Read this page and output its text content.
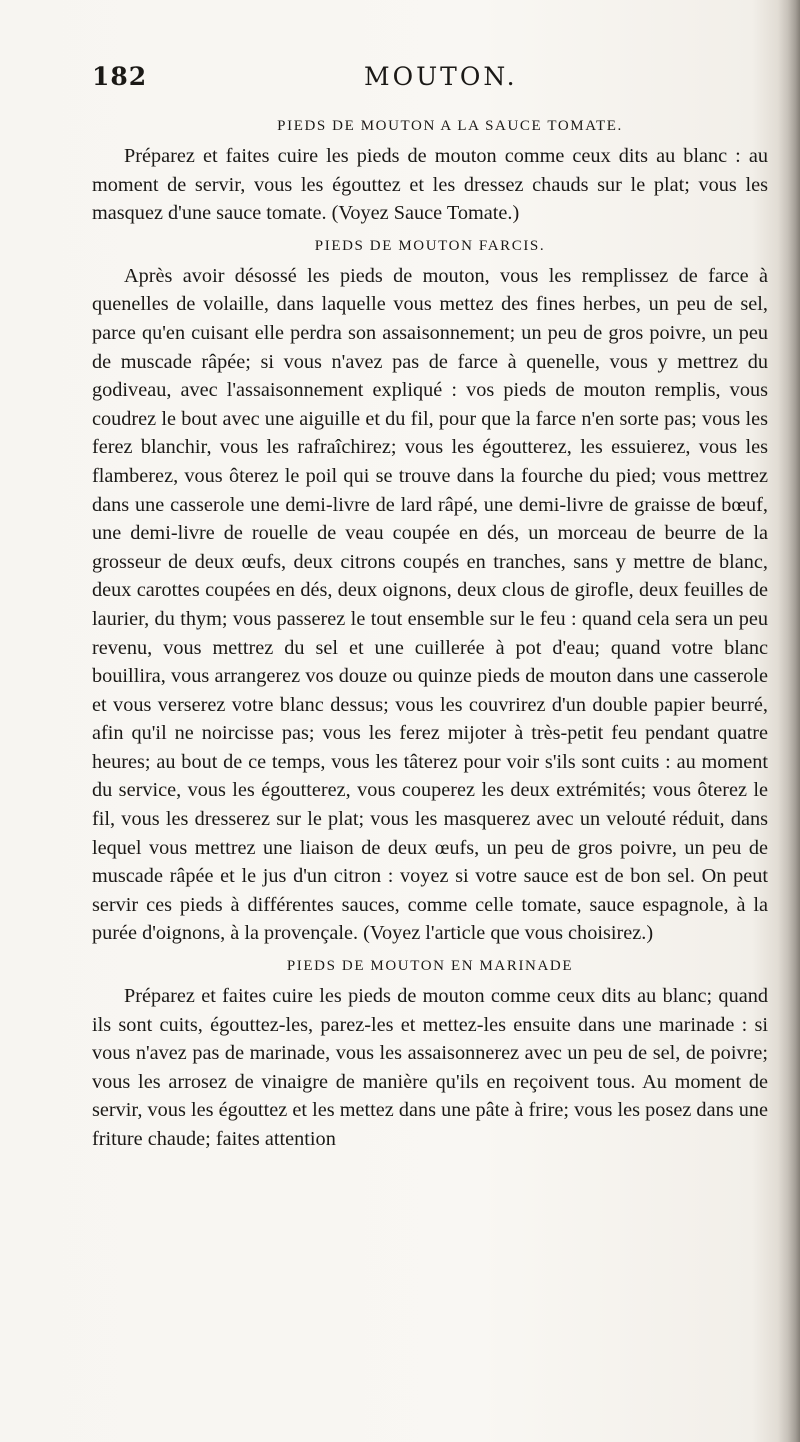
182	MOUTON.
PIEDS DE MOUTON A LA SAUCE TOMATE.

Préparez et faites cuire les pieds de mouton comme ceux dits au blanc : au moment de servir, vous les égouttez et les dressez chauds sur le plat; vous les masquez d'une sauce tomate. (Voyez Sauce Tomate.)

PIEDS DE MOUTON FARCIS.

Après avoir désossé les pieds de mouton, vous les remplissez de farce à quenelles de volaille, dans laquelle vous mettez des fines herbes, un peu de sel, parce qu'en cuisant elle perdra son assaisonnement; un peu de gros poivre, un peu de muscade râpée; si vous n'avez pas de farce à quenelle, vous y mettrez du godiveau, avec l'assaisonnement expliqué : vos pieds de mouton remplis, vous coudrez le bout avec une aiguille et du fil, pour que la farce n'en sorte pas; vous les ferez blanchir, vous les rafraîchirez; vous les égoutterez, les essuierez, vous les flamberez, vous ôterez le poil qui se trouve dans la fourche du pied; vous mettrez dans une casserole une demi-livre de lard râpé, une demi-livre de graisse de bœuf, une demi-livre de rouelle de veau coupée en dés, un morceau de beurre de la grosseur de deux œufs, deux citrons coupés en tranches, sans y mettre de blanc, deux carottes coupées en dés, deux oignons, deux clous de girofle, deux feuilles de laurier, du thym; vous passerez le tout ensemble sur le feu : quand cela sera un peu revenu, vous mettrez du sel et une cuillerée à pot d'eau; quand votre blanc bouillira, vous arrangerez vos douze ou quinze pieds de mouton dans une casserole et vous verserez votre blanc dessus; vous les couvrirez d'un double papier beurré, afin qu'il ne noircisse pas; vous les ferez mijoter à très-petit feu pendant quatre heures; au bout de ce temps, vous les tâterez pour voir s'ils sont cuits : au moment du service, vous les égoutterez, vous couperez les deux extrémités; vous ôterez le fil, vous les dresserez sur le plat; vous les masquerez avec un velouté réduit, dans lequel vous mettrez une liaison de deux œufs, un peu de gros poivre, un peu de muscade râpée et le jus d'un citron : voyez si votre sauce est de bon sel. On peut servir ces pieds à différentes sauces, comme celle tomate, sauce espagnole, à la purée d'oignons, à la provençale. (Voyez l'article que vous choisirez.)

PIEDS DE MOUTON EN MARINADE

Préparez et faites cuire les pieds de mouton comme ceux dits au blanc; quand ils sont cuits, égouttez-les, parez-les et mettez-les ensuite dans une marinade : si vous n'avez pas de marinade, vous les assaisonnerez avec un peu de sel, de poivre; vous les arrosez de vinaigre de manière qu'ils en reçoivent tous. Au moment de servir, vous les égouttez et les mettez dans une pâte à frire; vous les posez dans une friture chaude; faites attention
